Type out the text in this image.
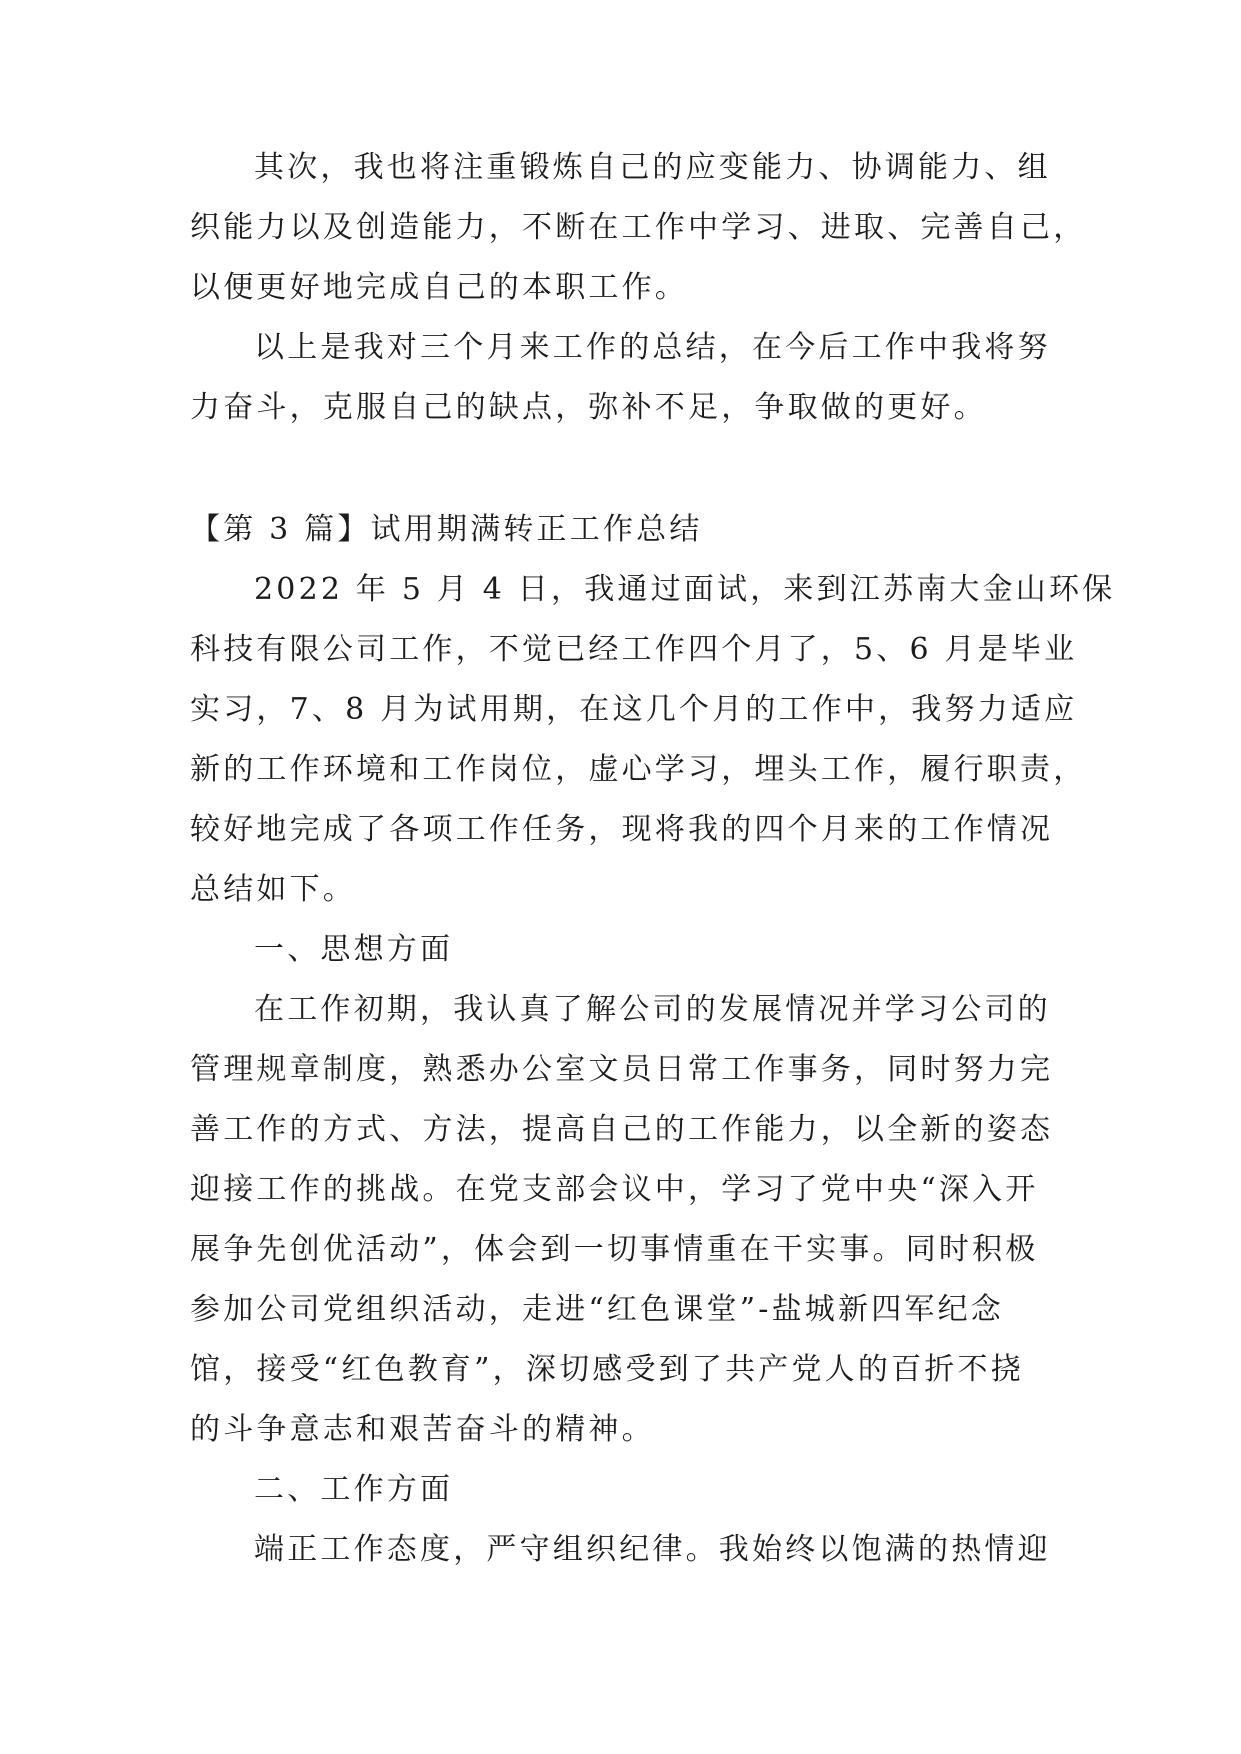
其次，我也将注重锻炼自己的应变能力、协调能力、组
织能力以及创造能力，不断在工作中学习、进取、完善自己，
以便更好地完成自己的本职工作。
以上是我对三个月来工作的总结，在今后工作中我将努
力奋斗，克服自己的缺点，弥补不足，争取做的更好。
【第 3 篇】试用期满转正工作总结
2022 年 5 月 4 日，我通过面试，来到江苏南大金山环保
科技有限公司工作，不觉已经工作四个月了，5、6 月是毕业
实习，7、8 月为试用期，在这几个月的工作中，我努力适应
新的工作环境和工作岗位，虚心学习，埋头工作，履行职责，
较好地完成了各项工作任务，现将我的四个月来的工作情况
总结如下。
一、思想方面
在工作初期，我认真了解公司的发展情况并学习公司的
管理规章制度，熟悉办公室文员日常工作事务，同时努力完
善工作的方式、方法，提高自己的工作能力，以全新的姿态
迎接工作的挑战。在党支部会议中，学习了党中央“深入开
展争先创优活动”，体会到一切事情重在干实事。同时积极
参加公司党组织活动，走进“红色课堂”-盐城新四军纪念
馆，接受“红色教育”，深切感受到了共产党人的百折不挠
的斗争意志和艰苦奋斗的精神。
二、工作方面
端正工作态度，严守组织纪律。我始终以饱满的热情迎
